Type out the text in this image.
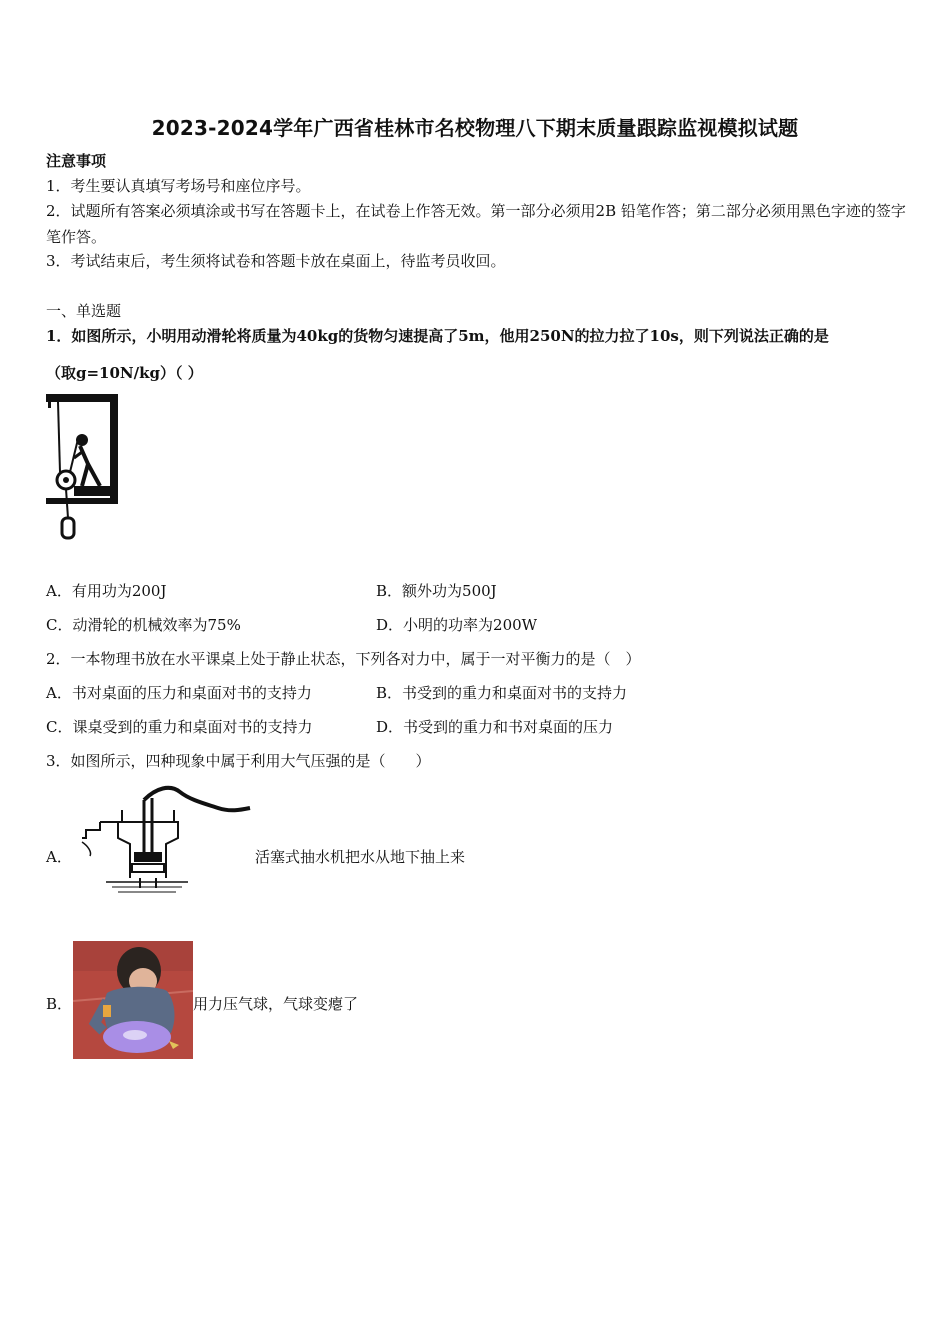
2023-2024学年广西省桂林市名校物理八下期末质量跟踪监视模拟试题
注意事项
1．考生要认真填写考场号和座位序号。
2．试题所有答案必须填涂或书写在答题卡上，在试卷上作答无效。第一部分必须用2B 铅笔作答；第二部分必须用黑色字迹的签字笔作答。
3．考试结束后，考生须将试卷和答题卡放在桌面上，待监考员收回。
一、单选题
1．如图所示，小明用动滑轮将质量为40kg的货物匀速提高了5m，他用250N的拉力拉了10s，则下列说法正确的是
（取g=10N/kg）（ ）
A．有用功为200J	B．额外功为500J
C．动滑轮的机械效率为75%	D．小明的功率为200W
2．一本物理书放在水平课桌上处于静止状态，下列各对力中，属于一对平衡力的是（　）
A．书对桌面的压力和桌面对书的支持力	B．书受到的重力和桌面对书的支持力
C．课桌受到的重力和桌面对书的支持力	D．书受到的重力和书对桌面的压力
3．如图所示，四种现象中属于利用大气压强的是（　　）
A．	活塞式抽水机把水从地下抽上来
B．	用力压气球，气球变瘪了
